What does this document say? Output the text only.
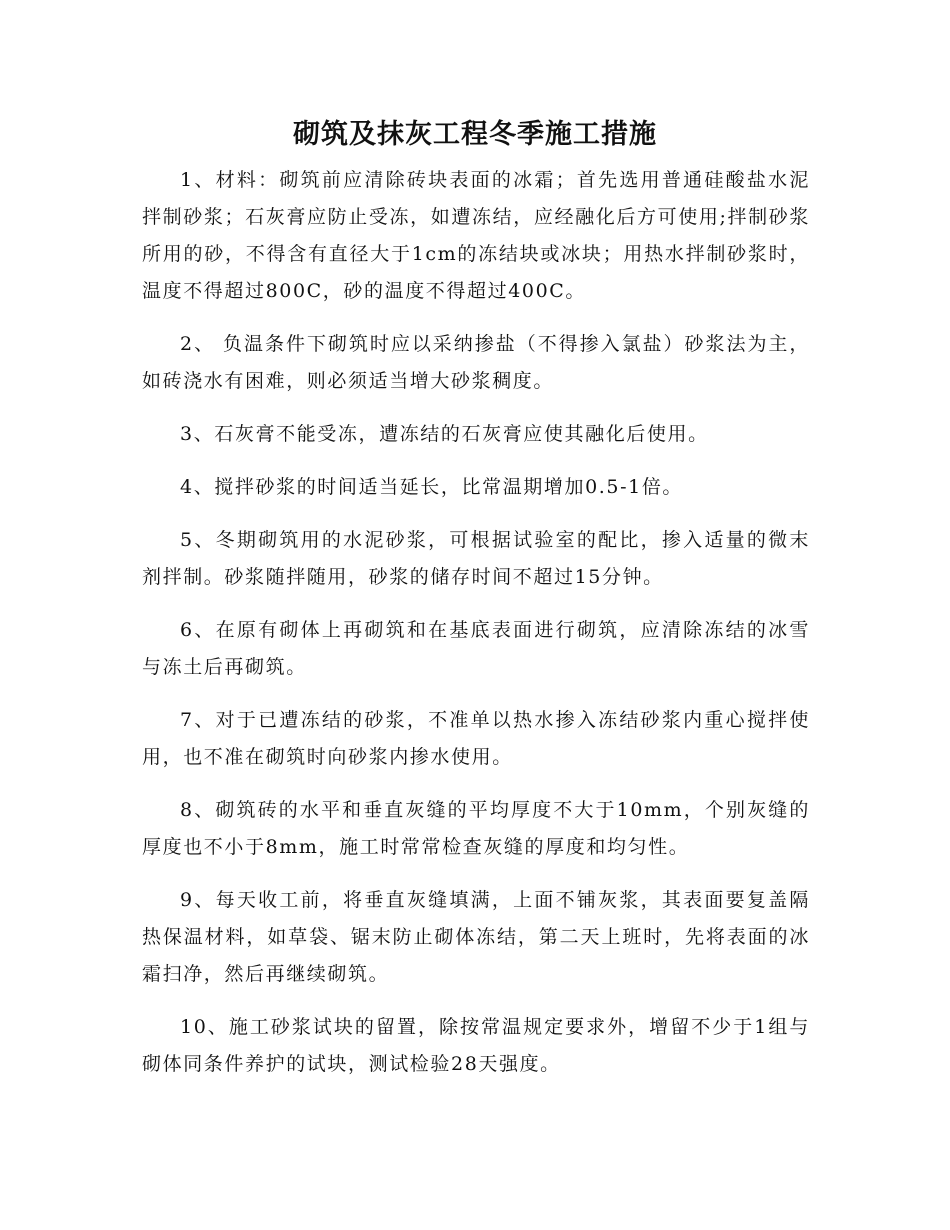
砌筑及抹灰工程冬季施工措施

1、材料：砌筑前应清除砖块表面的冰霜；首先选用普通硅酸盐水泥拌制砂浆；石灰膏应防止受冻，如遭冻结，应经融化后方可使用;拌制砂浆所用的砂，不得含有直径大于1cm的冻结块或冰块；用热水拌制砂浆时，温度不得超过800C，砂的温度不得超过400C。

2、 负温条件下砌筑时应以采纳掺盐（不得掺入氯盐）砂浆法为主，如砖浇水有困难，则必须适当增大砂浆稠度。

3、石灰膏不能受冻，遭冻结的石灰膏应使其融化后使用。

4、搅拌砂浆的时间适当延长，比常温期增加0.5-1倍。

5、冬期砌筑用的水泥砂浆，可根据试验室的配比，掺入适量的微末剂拌制。砂浆随拌随用，砂浆的储存时间不超过15分钟。

6、在原有砌体上再砌筑和在基底表面进行砌筑，应清除冻结的冰雪与冻土后再砌筑。

7、对于已遭冻结的砂浆，不准单以热水掺入冻结砂浆内重心搅拌使用，也不准在砌筑时向砂浆内掺水使用。

8、砌筑砖的水平和垂直灰缝的平均厚度不大于10mm，个别灰缝的厚度也不小于8mm，施工时常常检查灰缝的厚度和均匀性。

9、每天收工前，将垂直灰缝填满，上面不铺灰浆，其表面要复盖隔热保温材料，如草袋、锯末防止砌体冻结，第二天上班时，先将表面的冰霜扫净，然后再继续砌筑。

10、施工砂浆试块的留置，除按常温规定要求外，增留不少于1组与砌体同条件养护的试块，测试检验28天强度。
